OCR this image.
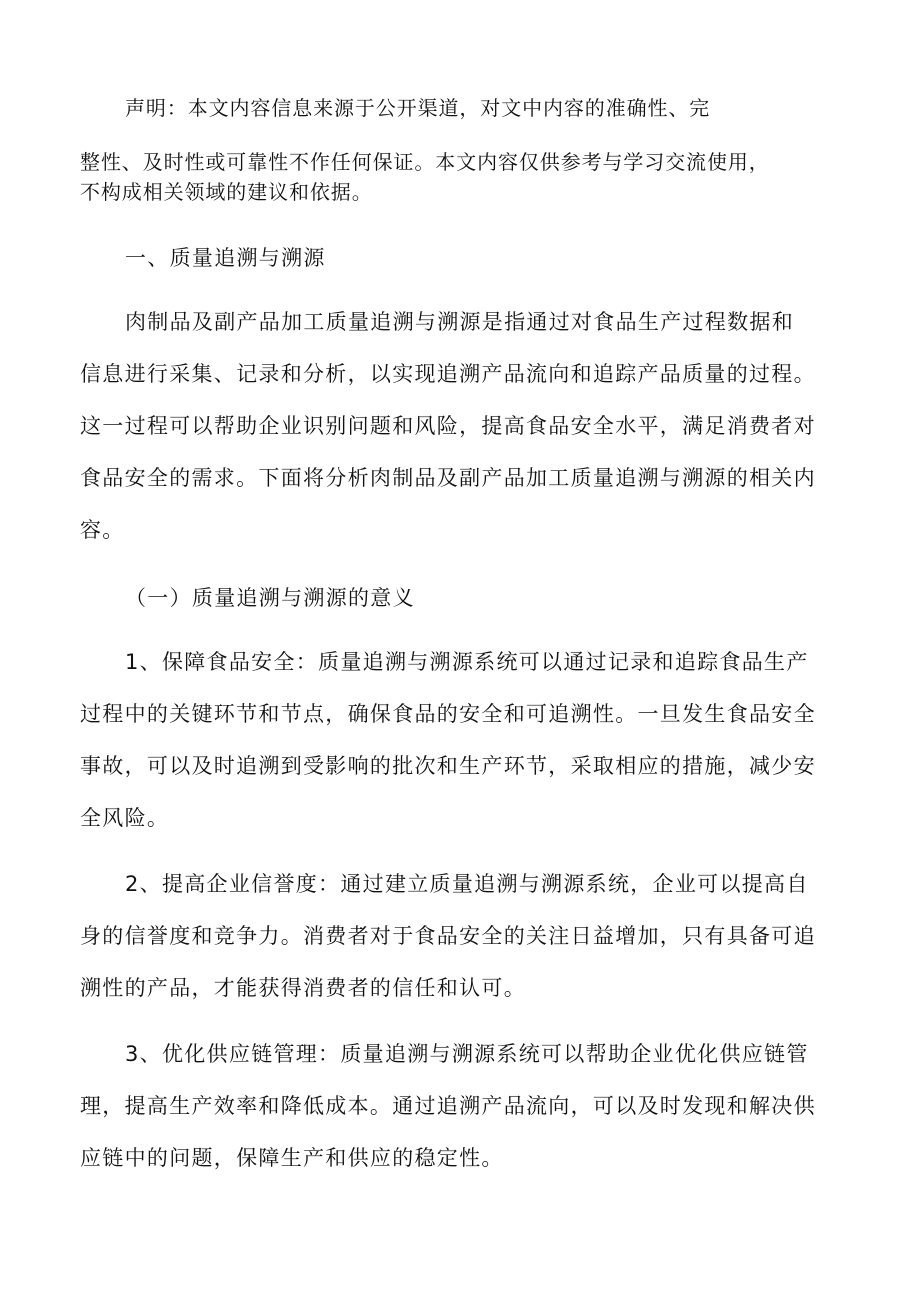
声明：本文内容信息来源于公开渠道，对文中内容的准确性、完
整性、及时性或可靠性不作任何保证。本文内容仅供参考与学习交流使用，
不构成相关领域的建议和依据。
一、质量追溯与溯源
肉制品及副产品加工质量追溯与溯源是指通过对食品生产过程数据和
信息进行采集、记录和分析，以实现追溯产品流向和追踪产品质量的过程。
这一过程可以帮助企业识别问题和风险，提高食品安全水平，满足消费者对
食品安全的需求。下面将分析肉制品及副产品加工质量追溯与溯源的相关内
容。
（一）质量追溯与溯源的意义
1、保障食品安全：质量追溯与溯源系统可以通过记录和追踪食品生产
过程中的关键环节和节点，确保食品的安全和可追溯性。一旦发生食品安全
事故，可以及时追溯到受影响的批次和生产环节，采取相应的措施，减少安
全风险。
2、提高企业信誉度：通过建立质量追溯与溯源系统，企业可以提高自
身的信誉度和竞争力。消费者对于食品安全的关注日益增加，只有具备可追
溯性的产品，才能获得消费者的信任和认可。
3、优化供应链管理：质量追溯与溯源系统可以帮助企业优化供应链管
理，提高生产效率和降低成本。通过追溯产品流向，可以及时发现和解决供
应链中的问题，保障生产和供应的稳定性。
